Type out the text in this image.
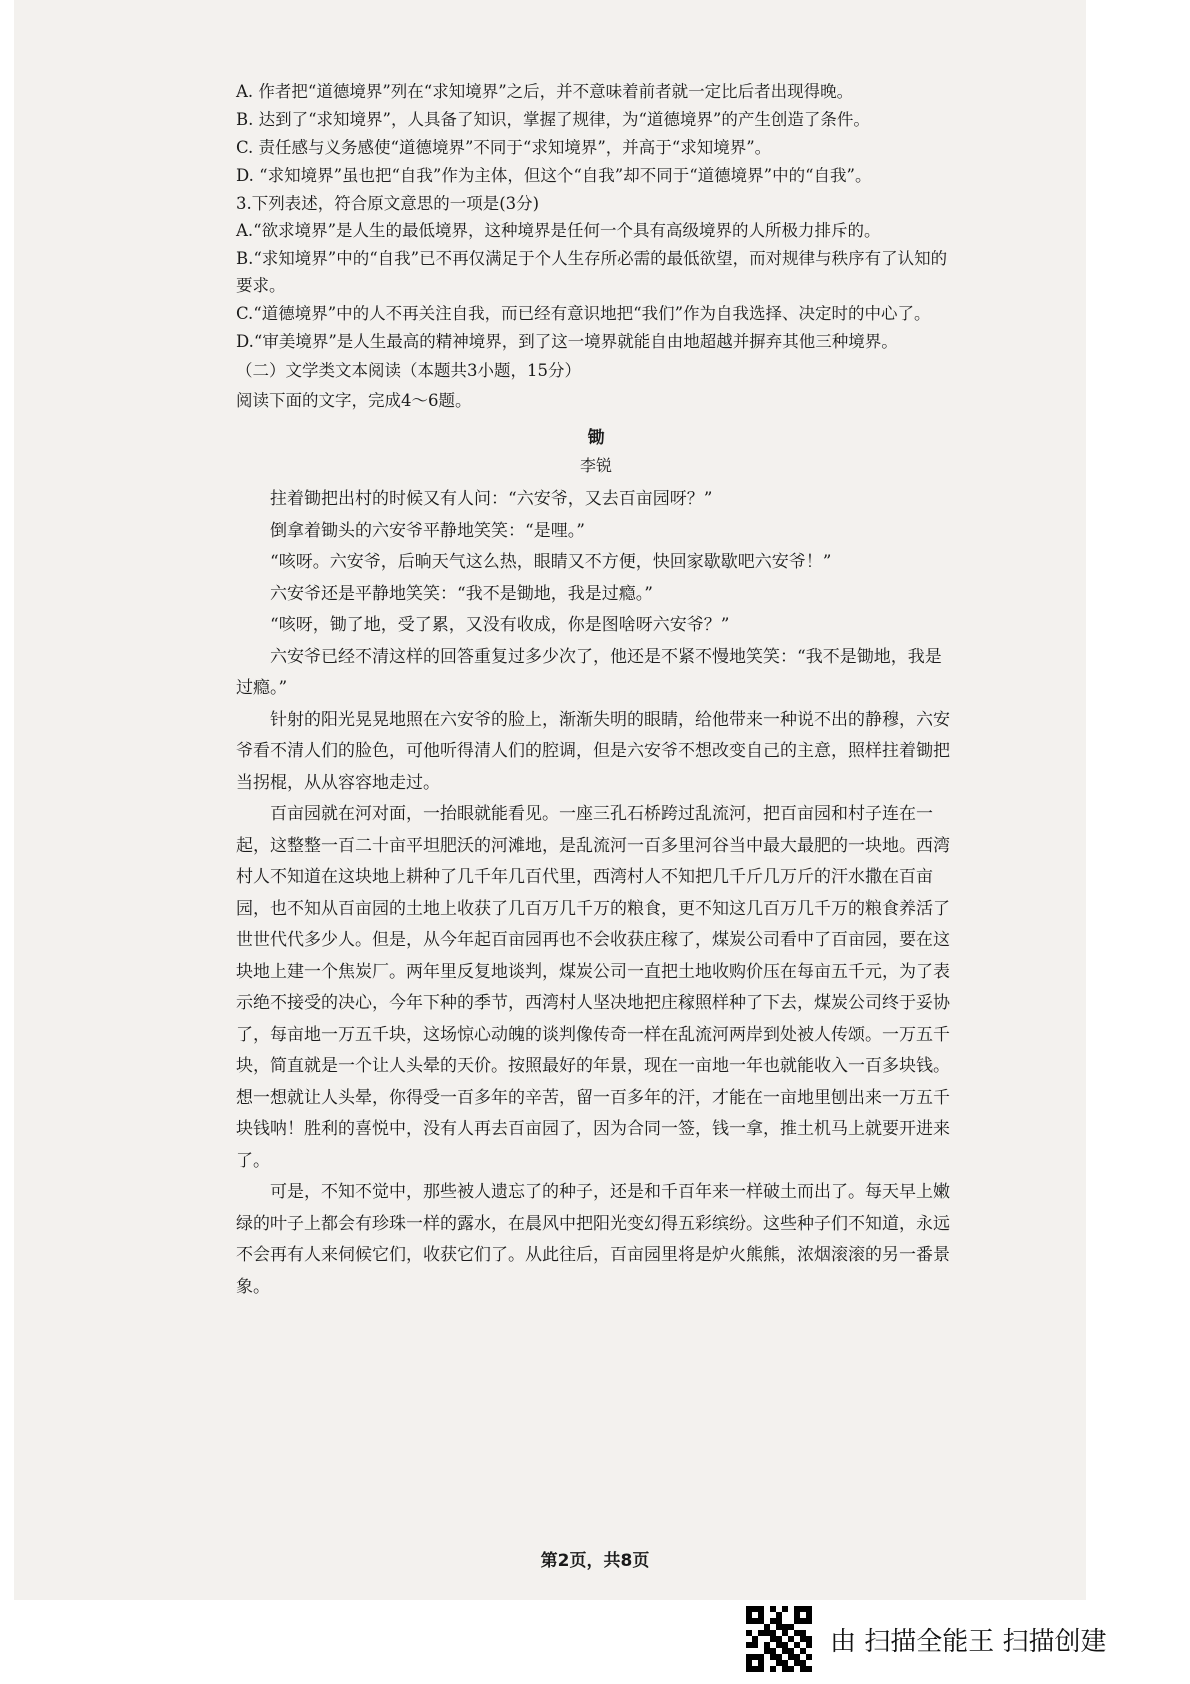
A. 作者把“道德境界”列在“求知境界”之后，并不意味着前者就一定比后者出现得晚。

B. 达到了“求知境界”，人具备了知识，掌握了规律，为“道德境界”的产生创造了条件。

C. 责任感与义务感使“道德境界”不同于“求知境界”，并高于“求知境界”。

D. “求知境界”虽也把“自我”作为主体，但这个“自我”却不同于“道德境界”中的“自我”。

3.下列表述，符合原文意思的一项是(3分)

A.“欲求境界”是人生的最低境界，这种境界是任何一个具有高级境界的人所极力排斥的。

B.“求知境界”中的“自我”已不再仅满足于个人生存所必需的最低欲望，而对规律与秩序有了认知的要求。

C.“道德境界”中的人不再关注自我，而已经有意识地把“我们”作为自我选择、决定时的中心了。

D.“审美境界”是人生最高的精神境界，到了这一境界就能自由地超越并摒弃其他三种境界。

（二）文学类文本阅读（本题共3小题，15分）

阅读下面的文字，完成4～6题。

锄

李锐

拄着锄把出村的时候又有人问：“六安爷，又去百亩园呀？”

倒拿着锄头的六安爷平静地笑笑：“是哩。”

“咳呀。六安爷，后晌天气这么热，眼睛又不方便，快回家歇歇吧六安爷！”

六安爷还是平静地笑笑：“我不是锄地，我是过瘾。”

“咳呀，锄了地，受了累，又没有收成，你是图啥呀六安爷？”

六安爷已经不清这样的回答重复过多少次了，他还是不紧不慢地笑笑：“我不是锄地，我是过瘾。”

针射的阳光晃晃地照在六安爷的脸上，渐渐失明的眼睛，给他带来一种说不出的静穆，六安爷看不清人们的脸色，可他听得清人们的腔调，但是六安爷不想改变自己的主意，照样拄着锄把当拐棍，从从容容地走过。

百亩园就在河对面，一抬眼就能看见。一座三孔石桥跨过乱流河，把百亩园和村子连在一起，这整整一百二十亩平坦肥沃的河滩地，是乱流河一百多里河谷当中最大最肥的一块地。西湾村人不知道在这块地上耕种了几千年几百代里，西湾村人不知把几千斤几万斤的汗水撒在百亩园，也不知从百亩园的土地上收获了几百万几千万的粮食，更不知这几百万几千万的粮食养活了世世代代多少人。但是，从今年起百亩园再也不会收获庄稼了，煤炭公司看中了百亩园，要在这块地上建一个焦炭厂。两年里反复地谈判，煤炭公司一直把土地收购价压在每亩五千元，为了表示绝不接受的决心，今年下种的季节，西湾村人坚决地把庄稼照样种了下去，煤炭公司终于妥协了，每亩地一万五千块，这场惊心动魄的谈判像传奇一样在乱流河两岸到处被人传颂。一万五千块，简直就是一个让人头晕的天价。按照最好的年景，现在一亩地一年也就能收入一百多块钱。想一想就让人头晕，你得受一百多年的辛苦，留一百多年的汗，才能在一亩地里刨出来一万五千块钱呐！胜利的喜悦中，没有人再去百亩园了，因为合同一签，钱一拿，推土机马上就要开进来了。

可是，不知不觉中，那些被人遗忘了的种子，还是和千百年来一样破土而出了。每天早上嫩绿的叶子上都会有珍珠一样的露水，在晨风中把阳光变幻得五彩缤纷。这些种子们不知道，永远不会再有人来伺候它们，收获它们了。从此往后，百亩园里将是炉火熊熊，浓烟滚滚的另一番景象。

第2页，共8页
由 扫描全能王 扫描创建
